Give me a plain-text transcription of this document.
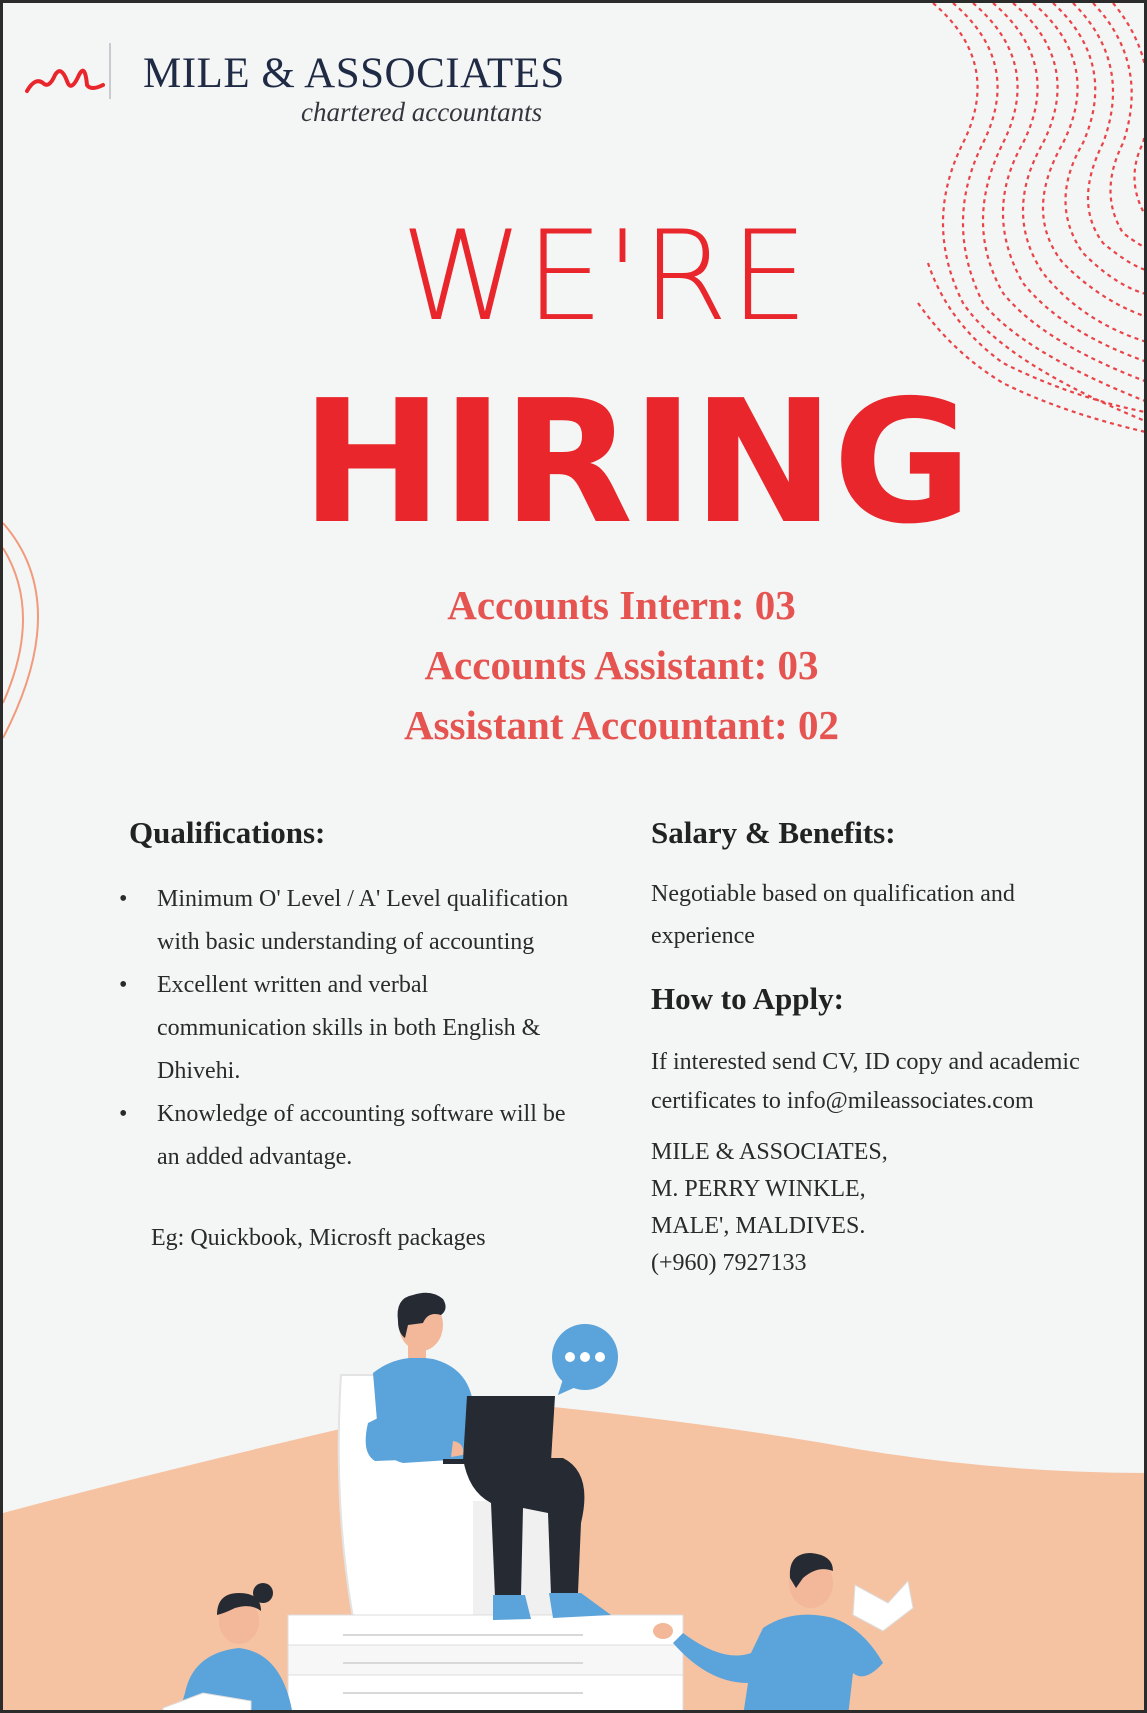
MILE & ASSOCIATES
chartered accountants
WE'RE
HIRING
Accounts Intern: 03
Accounts Assistant: 03
Assistant Accountant: 02
Qualifications:
• Minimum O' Level / A' Level qualification with basic understanding of accounting
• Excellent written and verbal communication skills in both English & Dhivehi.
• Knowledge of accounting software will be an added advantage.
Eg: Quickbook, Microsft packages
Salary & Benefits:
Negotiable based on qualification and experience
How to Apply:
If interested send CV, ID copy and academic certificates to info@mileassociates.com
MILE & ASSOCIATES,
M. PERRY WINKLE,
MALE', MALDIVES.
(+960) 7927133
